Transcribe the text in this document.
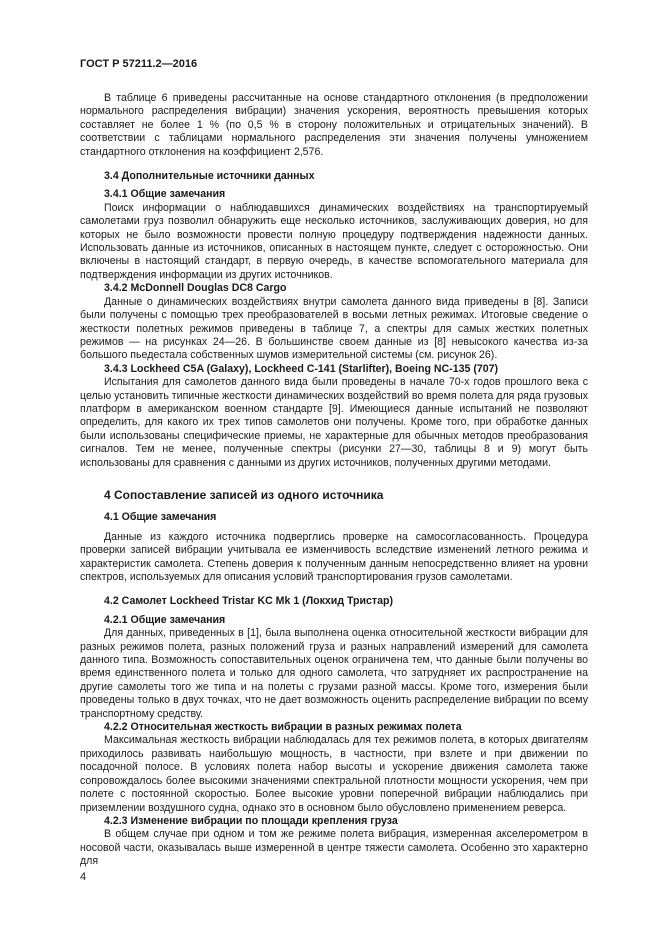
ГОСТ Р 57211.2—2016

В таблице 6 приведены рассчитанные на основе стандартного отклонения (в предположении нормального распределения вибрации) значения ускорения, вероятность превышения которых составляет не более 1 % (по 0,5 % в сторону положительных и отрицательных значений). В соответствии с таблицами нормального распределения эти значения получены умножением стандартного отклонения на коэффициент 2,576.

3.4 Дополнительные источники данных
3.4.1 Общие замечания

Поиск информации о наблюдавшихся динамических воздействиях на транспортируемый самолетами груз позволил обнаружить еще несколько источников, заслуживающих доверия, но для которых не было возможности провести полную процедуру подтверждения надежности данных. Использовать данные из источников, описанных в настоящем пункте, следует с осторожностью. Они включены в настоящий стандарт, в первую очередь, в качестве вспомогательного материала для подтверждения информации из других источников.

3.4.2 McDonnell Douglas DC8 Cargo

Данные о динамических воздействиях внутри самолета данного вида приведены в [8]. Записи были получены с помощью трех преобразователей в восьми летных режимах. Итоговые сведение о жесткости полетных режимов приведены в таблице 7, а спектры для самых жестких полетных режимов — на рисунках 24—26. В большинстве своем данные из [8] невысокого качества из-за большого пьедестала собственных шумов измерительной системы (см. рисунок 26).

3.4.3 Lockheed C5A (Galaxy), Lockheed C-141 (Starlifter), Boeing NC-135 (707)

Испытания для самолетов данного вида были проведены в начале 70-х годов прошлого века с целью установить типичные жесткости динамических воздействий во время полета для ряда грузовых платформ в американском военном стандарте [9]. Имеющиеся данные испытаний не позволяют определить, для какого их трех типов самолетов они получены. Кроме того, при обработке данных были использованы специфические приемы, не характерные для обычных методов преобразования сигналов. Тем не менее, полученные спектры (рисунки 27—30, таблицы 8 и 9) могут быть использованы для сравнения с данными из других источников, полученных другими методами.

4 Сопоставление записей из одного источника
4.1 Общие замечания

Данные из каждого источника подверглись проверке на самосогласованность. Процедура проверки записей вибрации учитывала ее изменчивость вследствие изменений летного режима и характеристик самолета. Степень доверия к полученным данным непосредственно влияет на уровни спектров, используемых для описания условий транспортирования грузов самолетами.

4.2 Самолет Lockheed Tristar KC Mk 1 (Локхид Тристар)
4.2.1 Общие замечания

Для данных, приведенных в [1], была выполнена оценка относительной жесткости вибрации для разных режимов полета, разных положений груза и разных направлений измерений для самолета данного типа. Возможность сопоставительных оценок ограничена тем, что данные были получены во время единственного полета и только для одного самолета, что затрудняет их распространение на другие самолеты того же типа и на полеты с грузами разной массы. Кроме того, измерения были проведены только в двух точках, что не дает возможность оценить распределение вибрации по всему транспортному средству.

4.2.2 Относительная жесткость вибрации в разных режимах полета

Максимальная жесткость вибрации наблюдалась для тех режимов полета, в которых двигателям приходилось развивать наибольшую мощность, в частности, при взлете и при движении по посадочной полосе. В условиях полета набор высоты и ускорение движения самолета также сопровождалось более высокими значениями спектральной плотности мощности ускорения, чем при полете с постоянной скоростью. Более высокие уровни поперечной вибрации наблюдались при приземлении воздушного судна, однако это в основном было обусловлено применением реверса.

4.2.3 Изменение вибрации по площади крепления груза

В общем случае при одном и том же режиме полета вибрация, измеренная акселерометром в носовой части, оказывалась выше измеренной в центре тяжести самолета. Особенно это характерно для

4
